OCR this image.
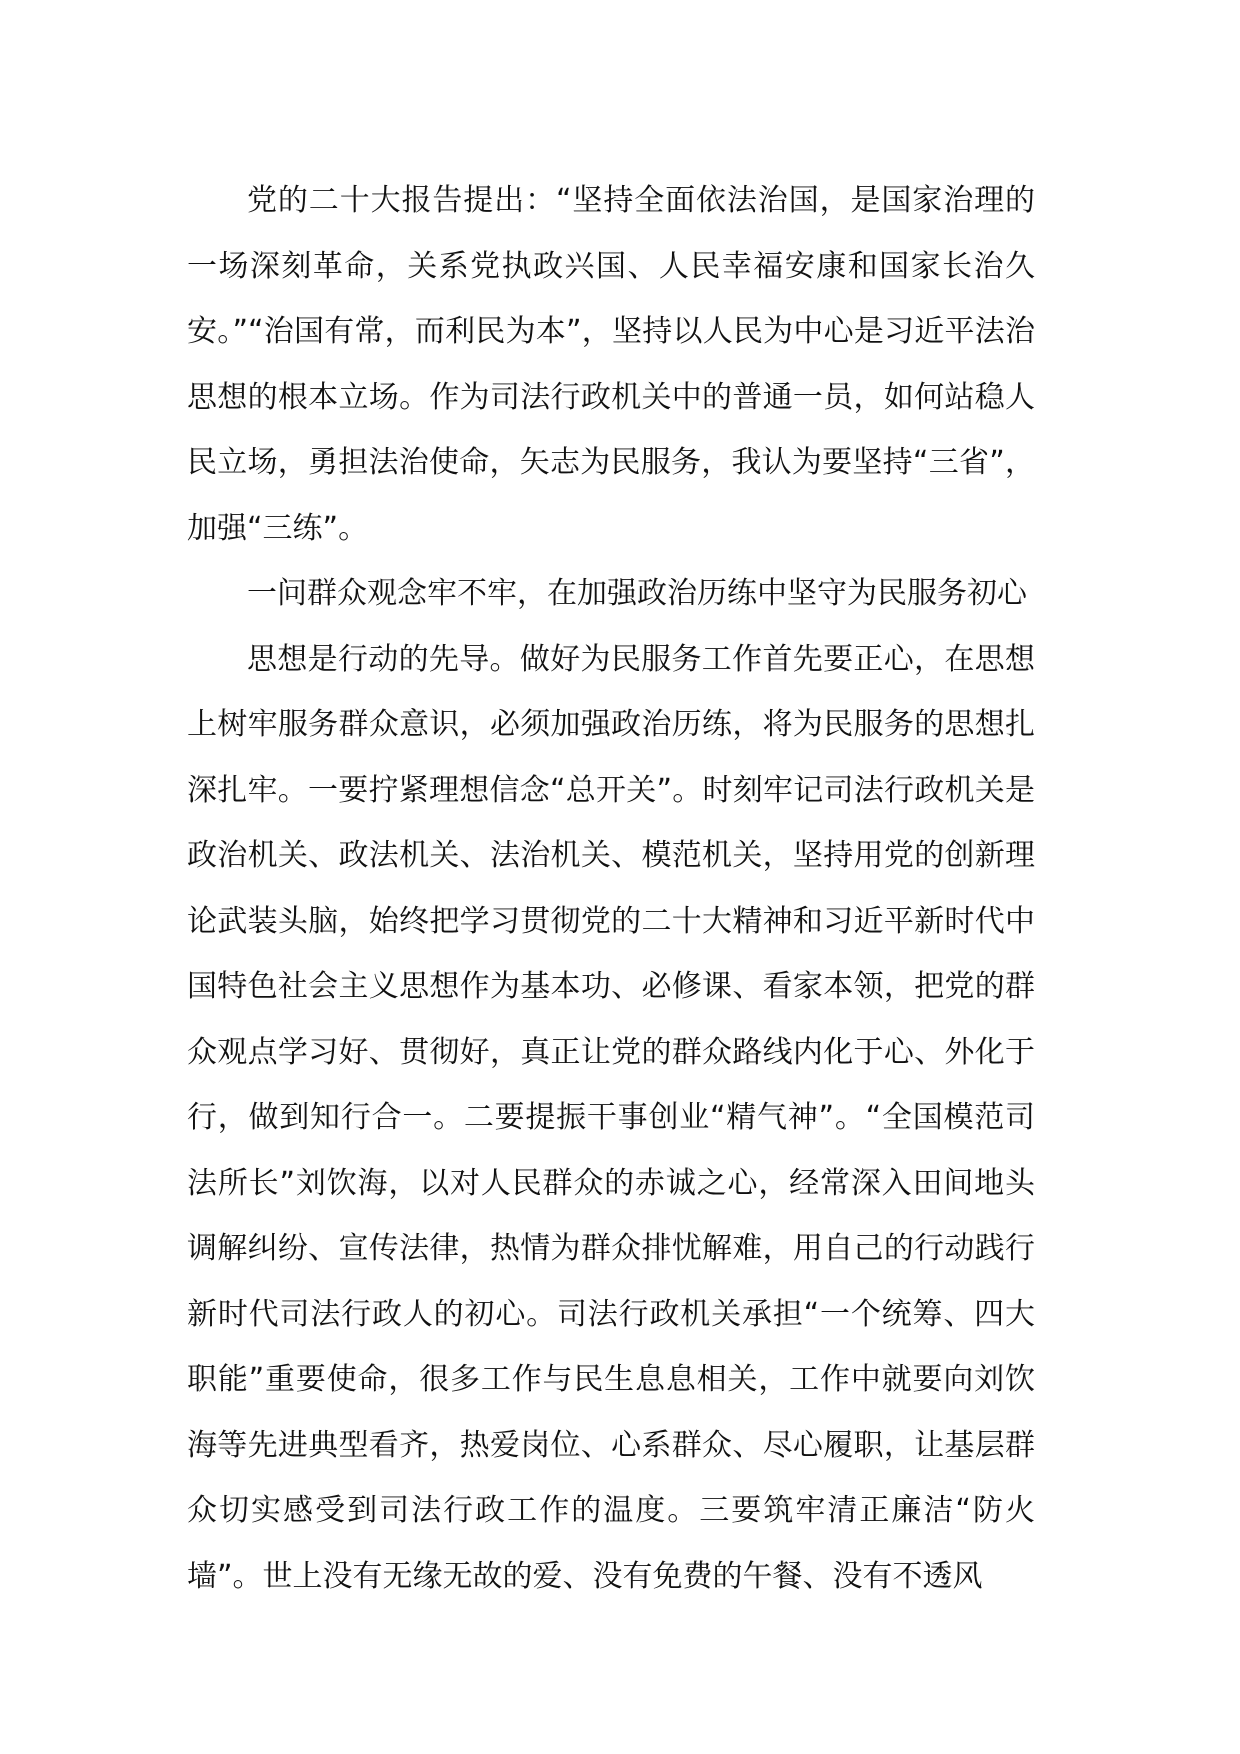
党的二十大报告提出：“坚持全面依法治国，是国家治理的一场深刻革命，关系党执政兴国、人民幸福安康和国家长治久安。”“治国有常，而利民为本”，坚持以人民为中心是习近平法治思想的根本立场。作为司法行政机关中的普通一员，如何站稳人民立场，勇担法治使命，矢志为民服务，我认为要坚持“三省”，加强“三练”。

一问群众观念牢不牢，在加强政治历练中坚守为民服务初心

思想是行动的先导。做好为民服务工作首先要正心，在思想上树牢服务群众意识，必须加强政治历练，将为民服务的思想扎深扎牢。一要拧紧理想信念“总开关”。时刻牢记司法行政机关是政治机关、政法机关、法治机关、模范机关，坚持用党的创新理论武装头脑，始终把学习贯彻党的二十大精神和习近平新时代中国特色社会主义思想作为基本功、必修课、看家本领，把党的群众观点学习好、贯彻好，真正让党的群众路线内化于心、外化于行，做到知行合一。二要提振干事创业“精气神”。“全国模范司法所长”刘饮海，以对人民群众的赤诚之心，经常深入田间地头调解纠纷、宣传法律，热情为群众排忧解难，用自己的行动践行新时代司法行政人的初心。司法行政机关承担“一个统筹、四大职能”重要使命，很多工作与民生息息相关，工作中就要向刘饮海等先进典型看齐，热爱岗位、心系群众、尽心履职，让基层群众切实感受到司法行政工作的温度。三要筑牢清正廉洁“防火墙”。世上没有无缘无故的爱、没有免费的午餐、没有不透风
